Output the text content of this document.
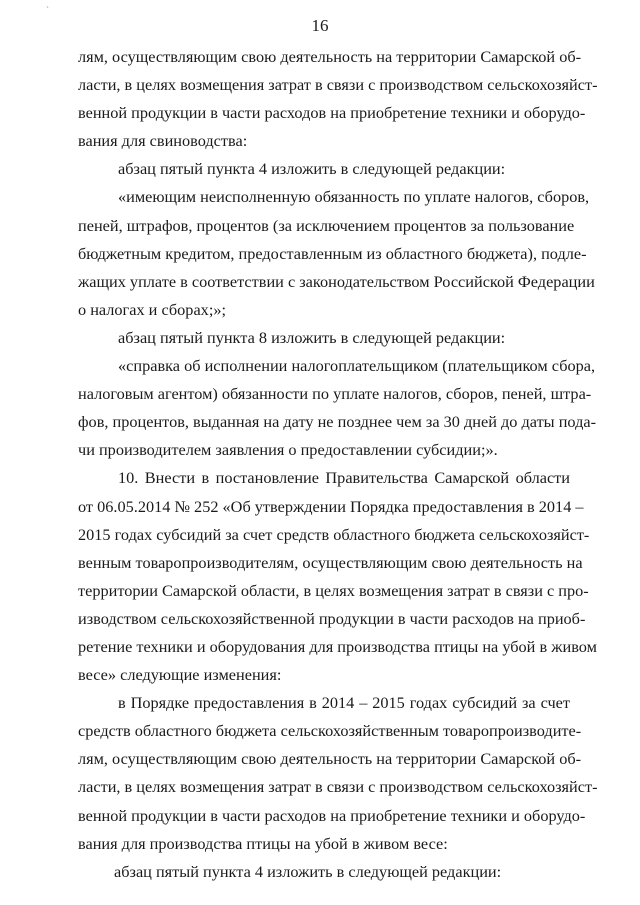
`
16
лям, осуществляющим свою деятельность на территории Самарской об-
ласти, в целях возмещения затрат в связи с производством сельскохозяйст-
венной продукции в части расходов на приобретение техники и оборудо-
вания для свиноводства:
абзац пятый пункта 4 изложить в следующей редакции:
«имеющим неисполненную обязанность по уплате налогов, сборов,
пеней, штрафов, процентов (за исключением процентов за пользование
бюджетным кредитом, предоставленным из областного бюджета), подле-
жащих уплате в соответствии с законодательством Российской Федерации
о налогах и сборах;»;
абзац пятый пункта 8 изложить в следующей редакции:
«справка об исполнении налогоплательщиком (плательщиком сбора,
налоговым агентом) обязанности по уплате налогов, сборов, пеней, штра-
фов, процентов, выданная на дату не позднее чем за 30 дней до даты пода-
чи производителем заявления о предоставлении субсидии;».
10. Внести в постановление Правительства Самарской области
от 06.05.2014 № 252 «Об утверждении Порядка предоставления в 2014 –
2015 годах субсидий за счет средств областного бюджета сельскохозяйст-
венным товаропроизводителям, осуществляющим свою деятельность на
территории Самарской области, в целях возмещения затрат в связи с про-
изводством сельскохозяйственной продукции в части расходов на приоб-
ретение техники и оборудования для производства птицы на убой в живом
весе» следующие изменения:
в Порядке предоставления в 2014 – 2015 годах субсидий за счет
средств областного бюджета сельскохозяйственным товаропроизводите-
лям, осуществляющим свою деятельность на территории Самарской об-
ласти, в целях возмещения затрат в связи с производством сельскохозяйст-
венной продукции в части расходов на приобретение техники и оборудо-
вания для производства птицы на убой в живом весе:
абзац пятый пункта 4 изложить в следующей редакции:
